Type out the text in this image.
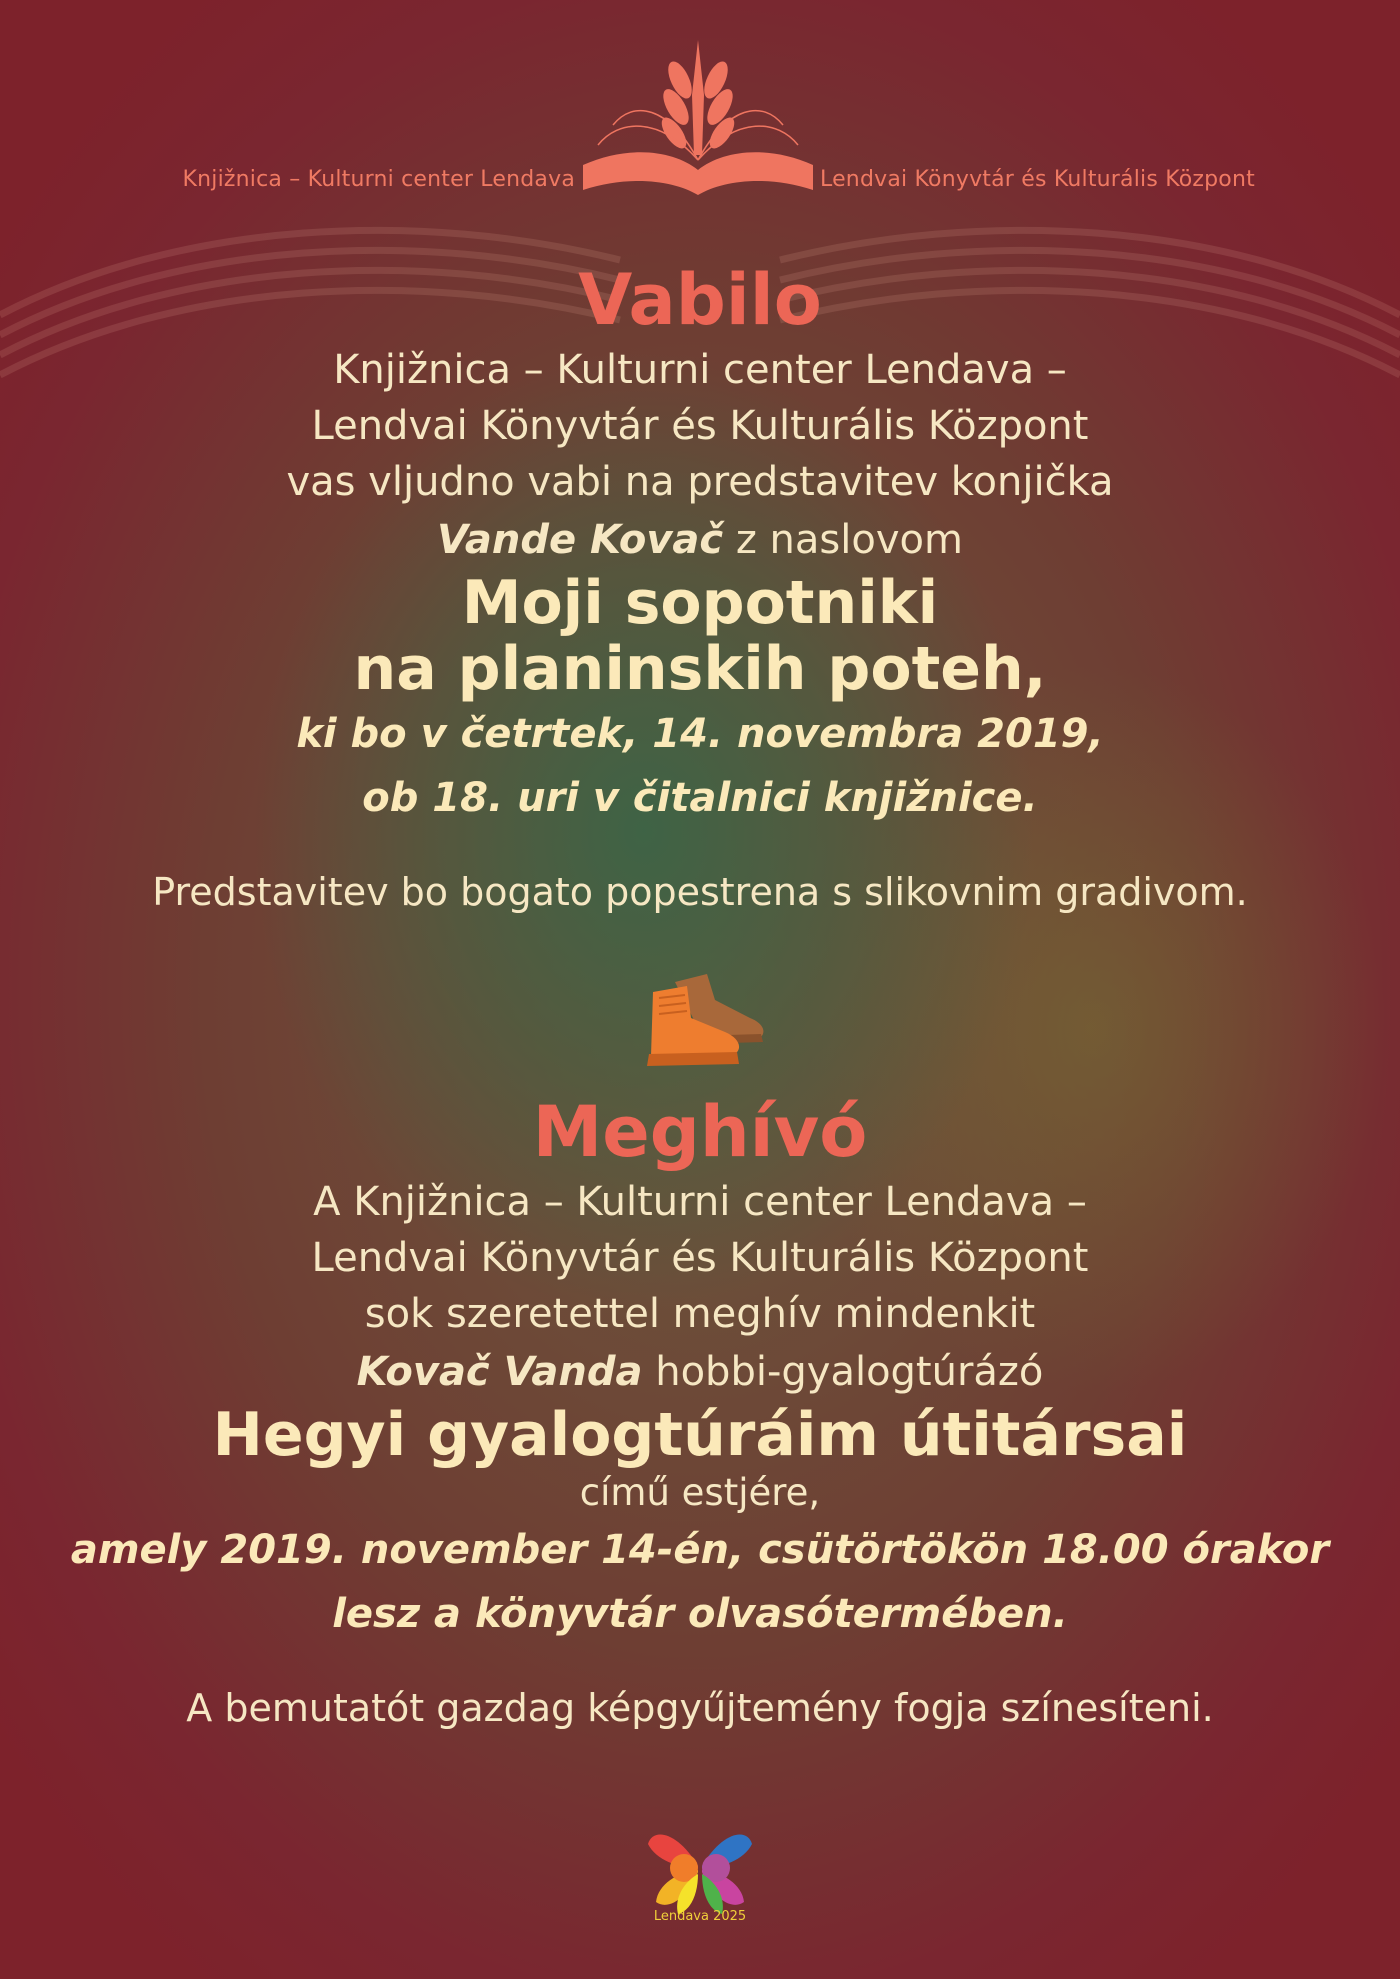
Knjižnica – Kulturni center Lendava	Lendvai Könyvtár és Kulturális Központ

Vabilo

Knjižnica – Kulturni center Lendava –

Lendvai Könyvtár és Kulturális Központ

vas vljudno vabi na predstavitev konjička

Vande Kovač z naslovom

Moji sopotniki

na planinskih poteh,

ki bo v četrtek, 14. novembra 2019,

ob 18. uri v čitalnici knjižnice.

Predstavitev bo bogato popestrena s slikovnim gradivom.

Meghívó

A Knjižnica – Kulturni center Lendava –

Lendvai Könyvtár és Kulturális Központ

sok szeretettel meghív mindenkit

Kovač Vanda hobbi-gyalogtúrázó

Hegyi gyalogtúráim útitársai

című estjére,

amely 2019. november 14-én, csütörtökön 18.00 órakor

lesz a könyvtár olvasótermében.

A bemutatót gazdag képgyűjtemény fogja színesíteni.

Lendava 2025
